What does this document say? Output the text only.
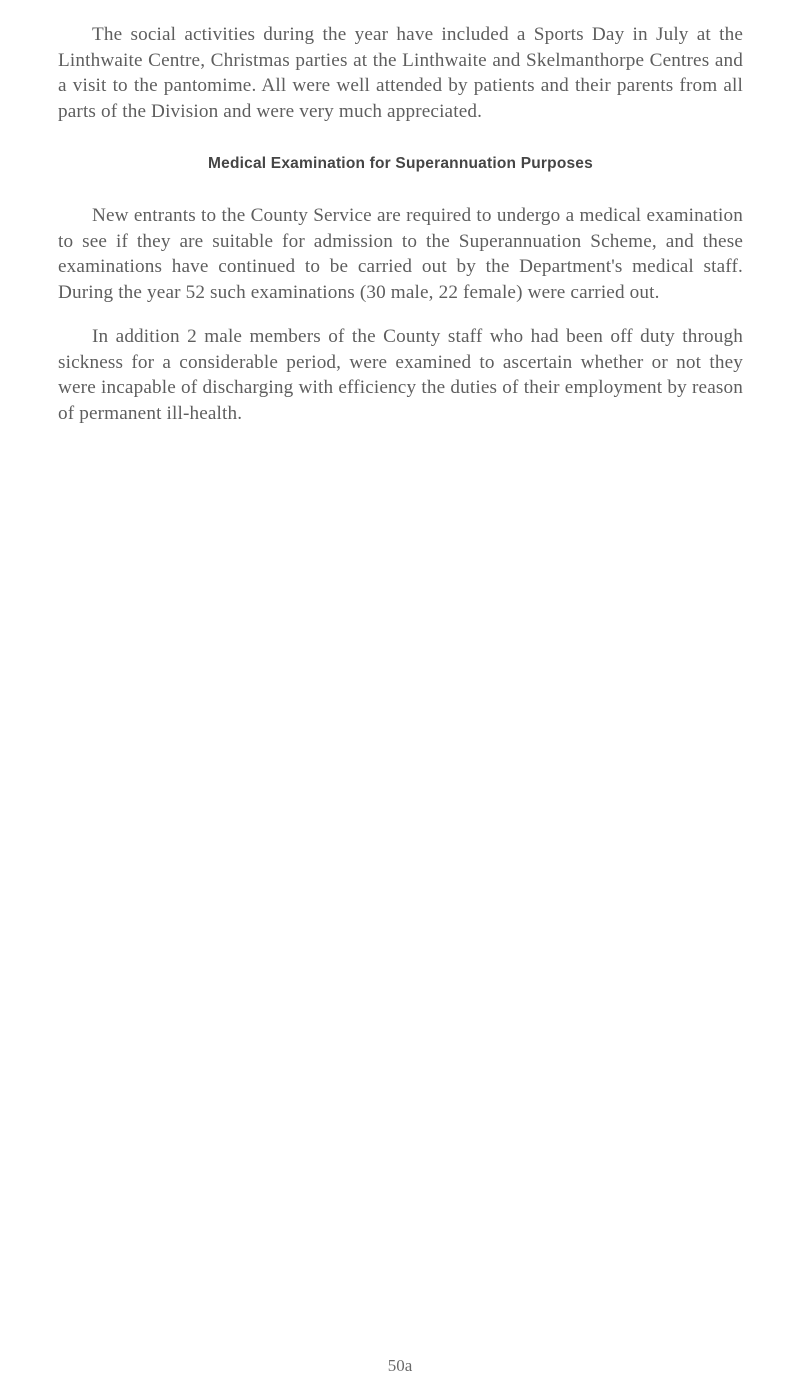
The social activities during the year have included a Sports Day in July at the Linthwaite Centre, Christmas parties at the Linthwaite and Skelmanthorpe Centres and a visit to the pantomime. All were well attended by patients and their parents from all parts of the Division and were very much appreciated.

Medical Examination for Superannuation Purposes

New entrants to the County Service are required to undergo a medical examination to see if they are suitable for admission to the Superannuation Scheme, and these examinations have continued to be carried out by the Department's medical staff. During the year 52 such examinations (30 male, 22 female) were carried out.

In addition 2 male members of the County staff who had been off duty through sickness for a considerable period, were examined to ascertain whether or not they were incapable of discharging with efficiency the duties of their employment by reason of permanent ill-health.

50a
